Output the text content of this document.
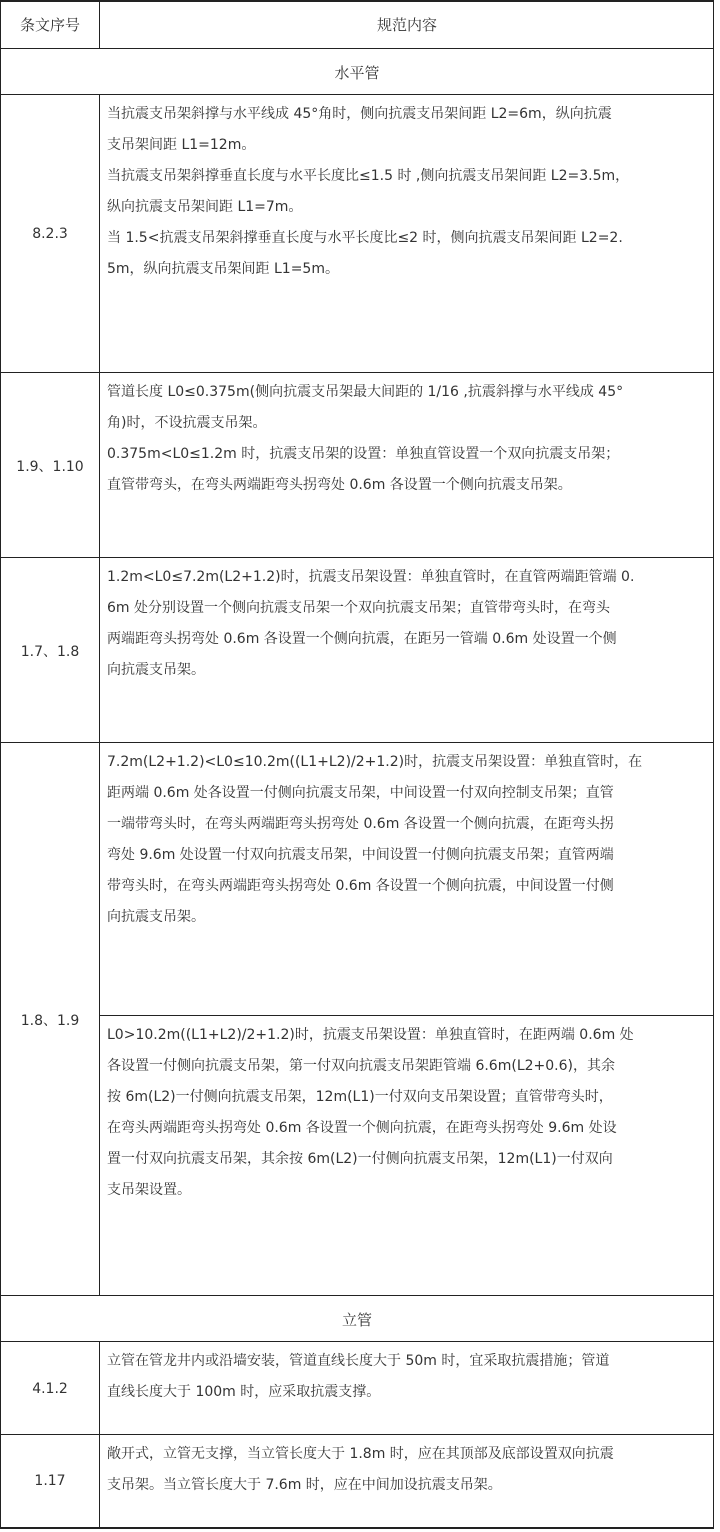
条文序号	规范内容
水平管
8.2.3

当抗震支吊架斜撑与水平线成 45°角时，侧向抗震支吊架间距 L2=6m，纵向抗震

支吊架间距 L1=12m。

当抗震支吊架斜撑垂直长度与水平长度比≤1.5 时 ,侧向抗震支吊架间距 L2=3.5m，

纵向抗震支吊架间距 L1=7m。

当 1.5<抗震支吊架斜撑垂直长度与水平长度比≤2 时，侧向抗震支吊架间距 L2=2.

5m，纵向抗震支吊架间距 L1=5m。

1.9、1.10

管道长度 L0≤0.375m(侧向抗震支吊架最大间距的 1/16 ,抗震斜撑与水平线成 45°

角)时，不设抗震支吊架。

0.375m<L0≤1.2m 时，抗震支吊架的设置：单独直管设置一个双向抗震支吊架；

直管带弯头，在弯头两端距弯头拐弯处 0.6m 各设置一个侧向抗震支吊架。

1.7、1.8

1.2m<L0≤7.2m(L2+1.2)时，抗震支吊架设置：单独直管时，在直管两端距管端 0.

6m 处分别设置一个侧向抗震支吊架一个双向抗震支吊架；直管带弯头时，在弯头

两端距弯头拐弯处 0.6m 各设置一个侧向抗震，在距另一管端 0.6m 处设置一个侧

向抗震支吊架。

1.8、1.9

7.2m(L2+1.2)<L0≤10.2m((L1+L2)/2+1.2)时，抗震支吊架设置：单独直管时，在

距两端 0.6m 处各设置一付侧向抗震支吊架，中间设置一付双向控制支吊架；直管

一端带弯头时，在弯头两端距弯头拐弯处 0.6m 各设置一个侧向抗震，在距弯头拐

弯处 9.6m 处设置一付双向抗震支吊架，中间设置一付侧向抗震支吊架；直管两端

带弯头时，在弯头两端距弯头拐弯处 0.6m 各设置一个侧向抗震，中间设置一付侧

向抗震支吊架。

L0>10.2m((L1+L2)/2+1.2)时，抗震支吊架设置：单独直管时，在距两端 0.6m 处

各设置一付侧向抗震支吊架，第一付双向抗震支吊架距管端 6.6m(L2+0.6)，其余

按 6m(L2)一付侧向抗震支吊架，12m(L1)一付双向支吊架设置；直管带弯头时，

在弯头两端距弯头拐弯处 0.6m 各设置一个侧向抗震，在距弯头拐弯处 9.6m 处设

置一付双向抗震支吊架，其余按 6m(L2)一付侧向抗震支吊架，12m(L1)一付双向

支吊架设置。

立管
4.1.2

立管在管龙井内或沿墙安装，管道直线长度大于 50m 时，宜采取抗震措施；管道

直线长度大于 100m 时，应采取抗震支撑。

1.17

敞开式，立管无支撑，当立管长度大于 1.8m 时，应在其顶部及底部设置双向抗震

支吊架。当立管长度大于 7.6m 时，应在中间加设抗震支吊架。
